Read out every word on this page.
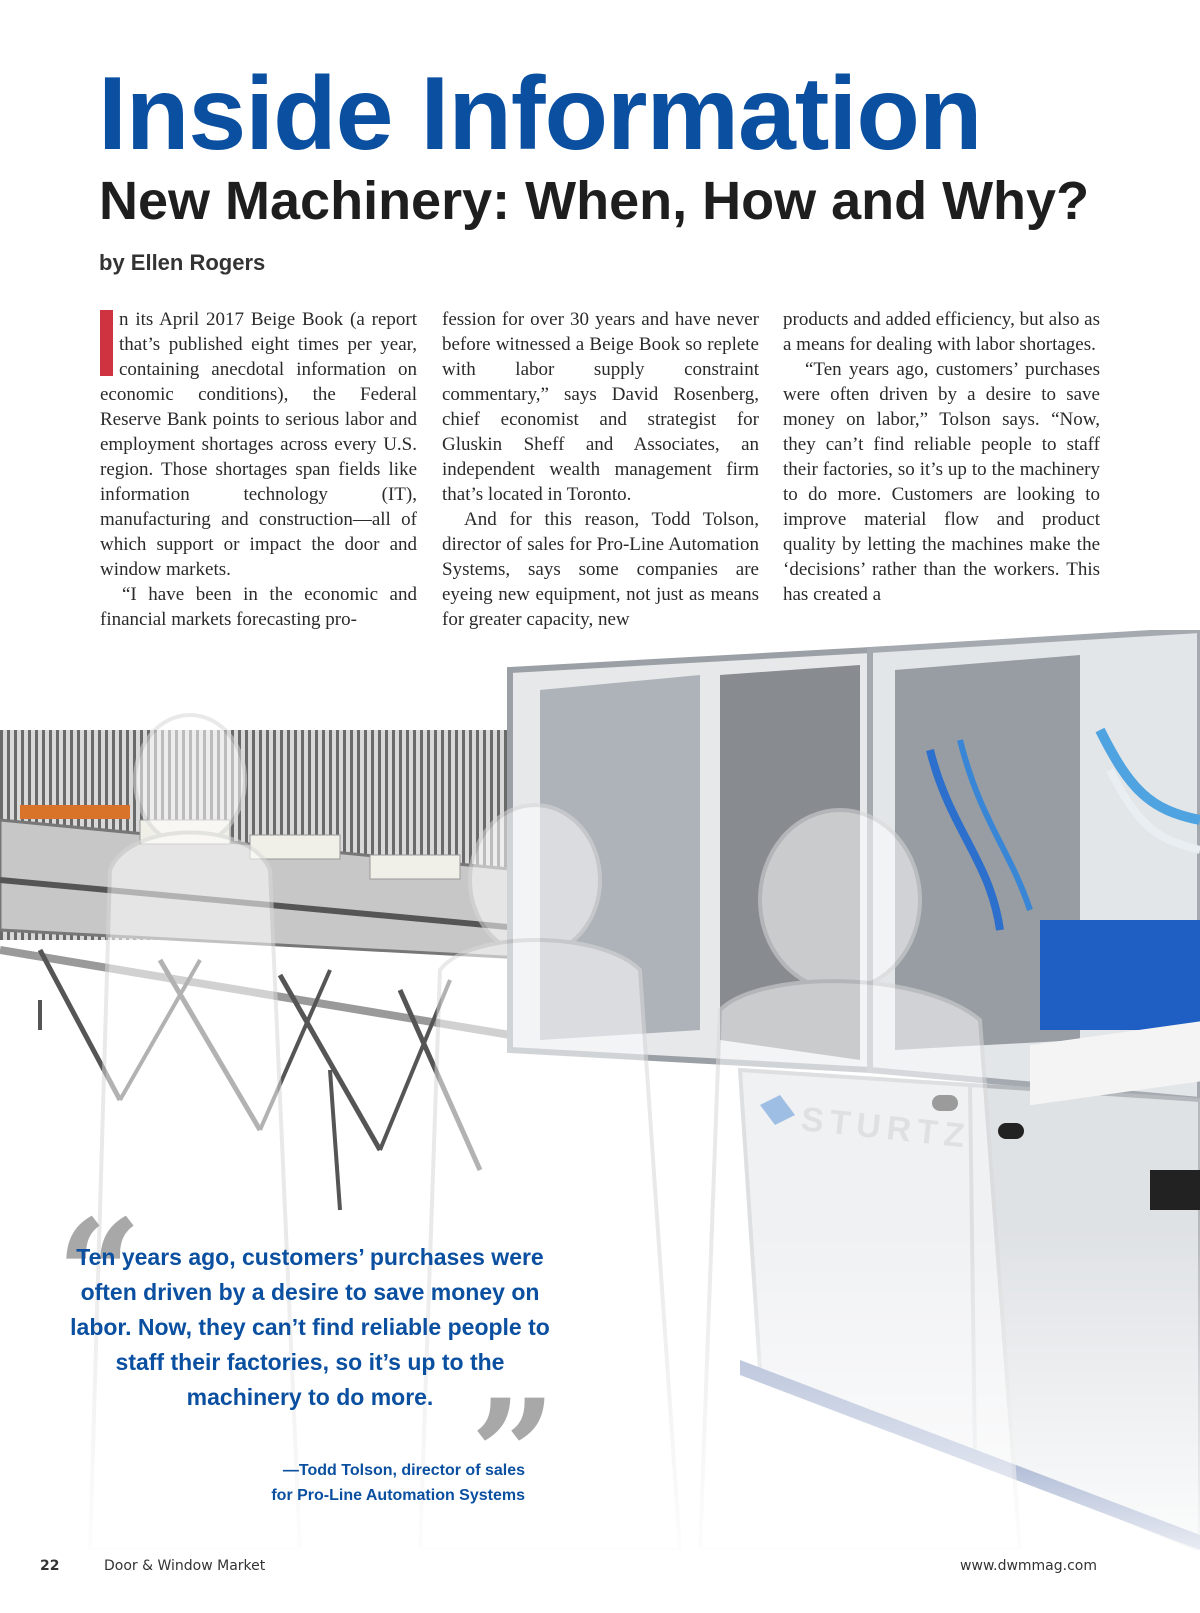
Inside Information
New Machinery: When, How and Why?
by Ellen Rogers

n its April 2017 Beige Book (a report that’s published eight times per year, containing anecdotal information on economic conditions), the Federal Reserve Bank points to serious labor and employment shortages across every U.S. region. Those shortages span fields like information technology (IT), manufacturing and construction—all of which support or impact the door and window markets.

“I have been in the economic and financial markets forecasting pro-

fession for over 30 years and have never before witnessed a Beige Book so replete with labor supply constraint commentary,” says David Rosenberg, chief economist and strategist for Gluskin Sheff and Associates, an independent wealth management firm that’s located in Toronto.

And for this reason, Todd Tolson, director of sales for Pro-Line Automation Systems, says some companies are eyeing new equipment, not just as means for greater capacity, new

products and added efficiency, but also as a means for dealing with labor shortages.

“Ten years ago, customers’ purchases were often driven by a desire to save money on labor,” Tolson says. “Now, they can’t find reliable people to staff their factories, so it’s up to the machinery to do more. Customers are looking to improve material flow and product quality by letting the machines make the ‘decisions’ rather than the workers. This has created a

“
”
Ten years ago, customers’ purchases were often driven by a desire to save money on labor. Now, they can’t find reliable people to staff their factories, so it’s up to the machinery to do more.
—Todd Tolson, director of sales
for Pro-Line Automation Systems
22	Door & Window Market	www.dwmmag.com
